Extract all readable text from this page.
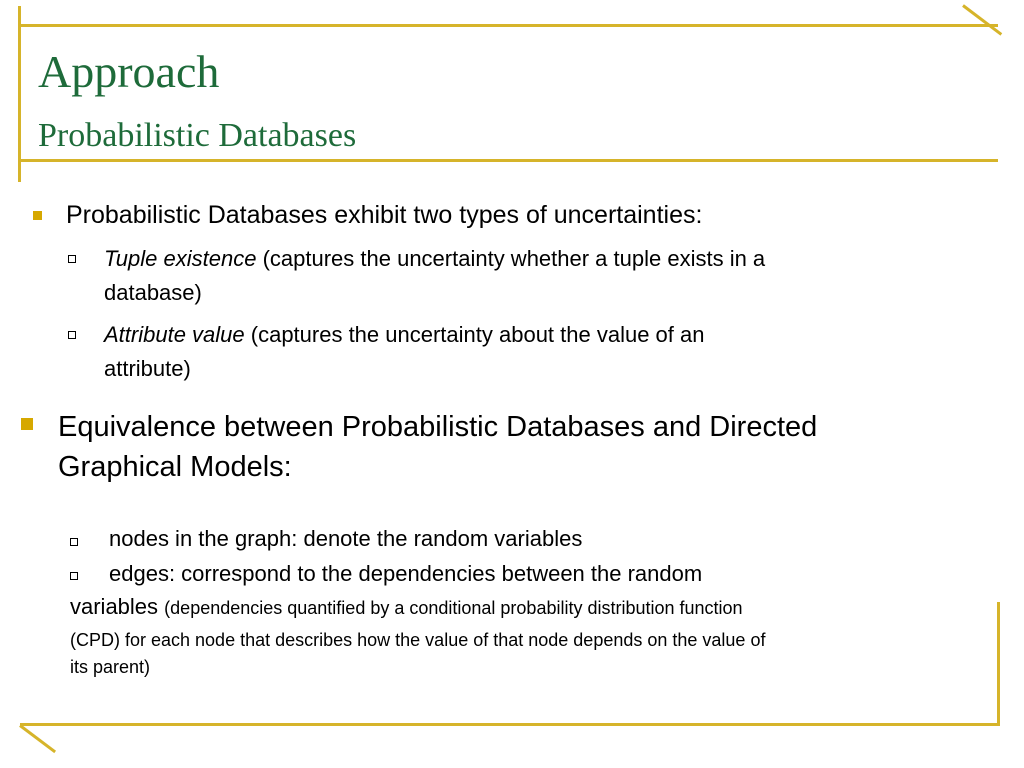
Approach
Probabilistic Databases
Probabilistic Databases exhibit two types of uncertainties:
Tuple existence (captures the uncertainty whether a tuple exists in a
database)
Attribute value (captures the uncertainty about the value of an
attribute)
Equivalence between Probabilistic Databases and Directed
Graphical Models:
nodes in the graph: denote the random variables
edges: correspond to the dependencies between the random
variables (dependencies quantified by a conditional probability distribution function
(CPD) for each node that describes how the value of that node depends on the value of
its parent)
